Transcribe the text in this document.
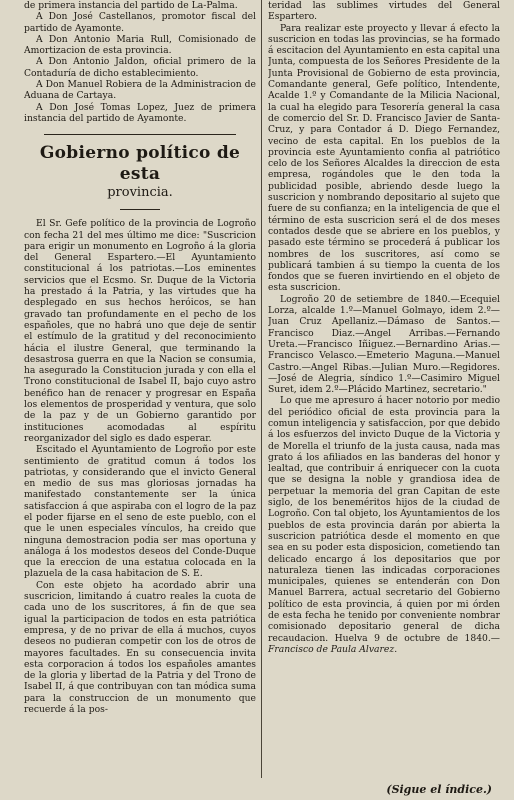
de primera instancia del partido de La-Palma.

A Don José Castellanos, promotor fiscal del partido de Ayamonte.

A Don Antonio Maria Rull, Comisionado de Amortizacion de esta provincia.

A Don Antonio Jaldon, oficial primero de la Contaduría de dicho establecimiento.

A Don Manuel Robiera de la Administracion de Aduana de Cartaya.

A Don José Tomas Lopez, Juez de primera instancia del partido de Ayamonte.

Gobierno político de esta
provincia.

El Sr. Gefe político de la provincia de Logroño con fecha 21 del mes último me dice: "Suscricion para erigir un monumento en Logroño á la gloria del General Espartero.—El Ayuntamiento constitucional á los patriotas.—Los eminentes servicios que el Ecsmo. Sr. Duque de la Victoria ha prestado á la Patria, y las virtudes que ha desplegado en sus hechos heróicos, se han gravado tan profundamente en el pecho de los españoles, que no habrá uno que deje de sentir el estímulo de la gratitud y del reconocimiento hácia el ilustre General, que terminando la desastrosa guerra en que la Nacion se consumia, ha asegurado la Constitucion jurada y con ella el Trono constitucional de Isabel II, bajo cuyo astro benéfico han de renacer y progresar en España los elementos de prosperidad y ventura, que solo de la paz y de un Gobierno garantido por instituciones acomodadas al espíritu reorganizador del siglo es dado esperar.

Escitado el Ayuntamiento de Logroño por este sentimiento de gratitud comun á todos los patriotas, y considerando que el invicto General en medio de sus mas gloriosas jornadas ha manifestado constantemente ser la única satisfaccion á que aspiraba con el logro de la paz el poder fijarse en el seno de este pueblo, con el que le unen especiales vínculos, ha creido que ninguna demostracion podia ser mas oportuna y análoga á los modestos deseos del Conde-Duque que la ereccion de una estatua colocada en la plazuela de la casa habitacion de S. E.

Con este objeto ha acordado abrir una suscricion, limitando á cuatro reales la cuota de cada uno de los suscritores, á fin de que sea igual la participacion de todos en esta patriótica empresa, y de no privar de ella á muchos, cuyos deseos no pudieran competir con los de otros de mayores facultades. En su consecuencia invita esta corporacion á todos los españoles amantes de la gloria y libertad de la Patria y del Trono de Isabel II, á que contribuyan con tan módica suma para la construccion de un monumento que recuerde á la pos-

teridad las sublimes virtudes del General Espartero.

Para realizar este proyecto y llevar á efecto la suscricion en todas las provincias, se ha formado á escitacion del Ayuntamiento en esta capital una Junta, compuesta de los Señores Presidente de la Junta Provisional de Gobierno de esta provincia, Comandante general, Gefe político, Intendente, Acalde 1.º y Comandante de la Milicia Nacional, la cual ha elegido para Tesorería general la casa de comercio del Sr. D. Francisco Javier de Santa-Cruz, y para Contador á D. Diego Fernandez, vecino de esta capital. En los pueblos de la provincia este Ayuntamiento confia al patriótico celo de los Señores Alcaldes la direccion de esta empresa, rogándoles que le den toda la publicidad posible, abriendo desde luego la suscricion y nombrando depositario al sujeto que fuere de su confianza; en la inteligencia de que el término de esta suscricion será el de dos meses contados desde que se abriere en los pueblos, y pasado este término se procederá á publicar los nombres de los suscritores, así como se publicará tambien á su tiempo la cuenta de los fondos que se fueren invirtiendo en el objeto de esta suscricion.

Logroño 20 de setiembre de 1840.—Ecequiel Lorza, alcalde 1.º—Manuel Golmayo, idem 2.º—Juan Cruz Apellaniz.—Dámaso de Santos.—Francisco Diaz.—Angel Arribas.—Fernando Ureta.—Francisco Iñiguez.—Bernardino Arias.—Francisco Velasco.—Emeterio Maguna.—Manuel Castro.—Angel Ribas.—Julian Muro.—Regidores.—José de Alegria, síndico 1.º—Casimiro Miguel Suret, idem 2.º—Plácido Martinez, secretario."

Lo que me apresuro á hacer notorio por medio del periódico oficial de esta provincia para la comun inteligencia y satisfaccion, por que debido á los esfuerzos del invicto Duque de la Victoria y de Morella el triunfo de la justa causa, nada mas grato á los afiliados en las banderas del honor y lealtad, que contribuir á enriquecer con la cuota que se designa la noble y grandiosa idea de perpetuar la memoria del gran Capitan de este siglo, de los beneméritos hijos de la ciudad de Logroño. Con tal objeto, los Ayuntamientos de los pueblos de esta provincia darán por abierta la suscricion patriótica desde el momento en que sea en su poder esta disposicion, cometiendo tan delicado encargo á los depositarios que por naturaleza tienen las indicadas corporaciones municipales, quienes se entenderán con Don Manuel Barrera, actual secretario del Gobierno político de esta provincia, á quien por mi órden de esta fecha he tenido por conveniente nombrar comisionado depositario general de dicha recaudacion. Huelva 9 de octubre de 1840.—Francisco de Paula Alvarez.

(Sigue el índice.)
